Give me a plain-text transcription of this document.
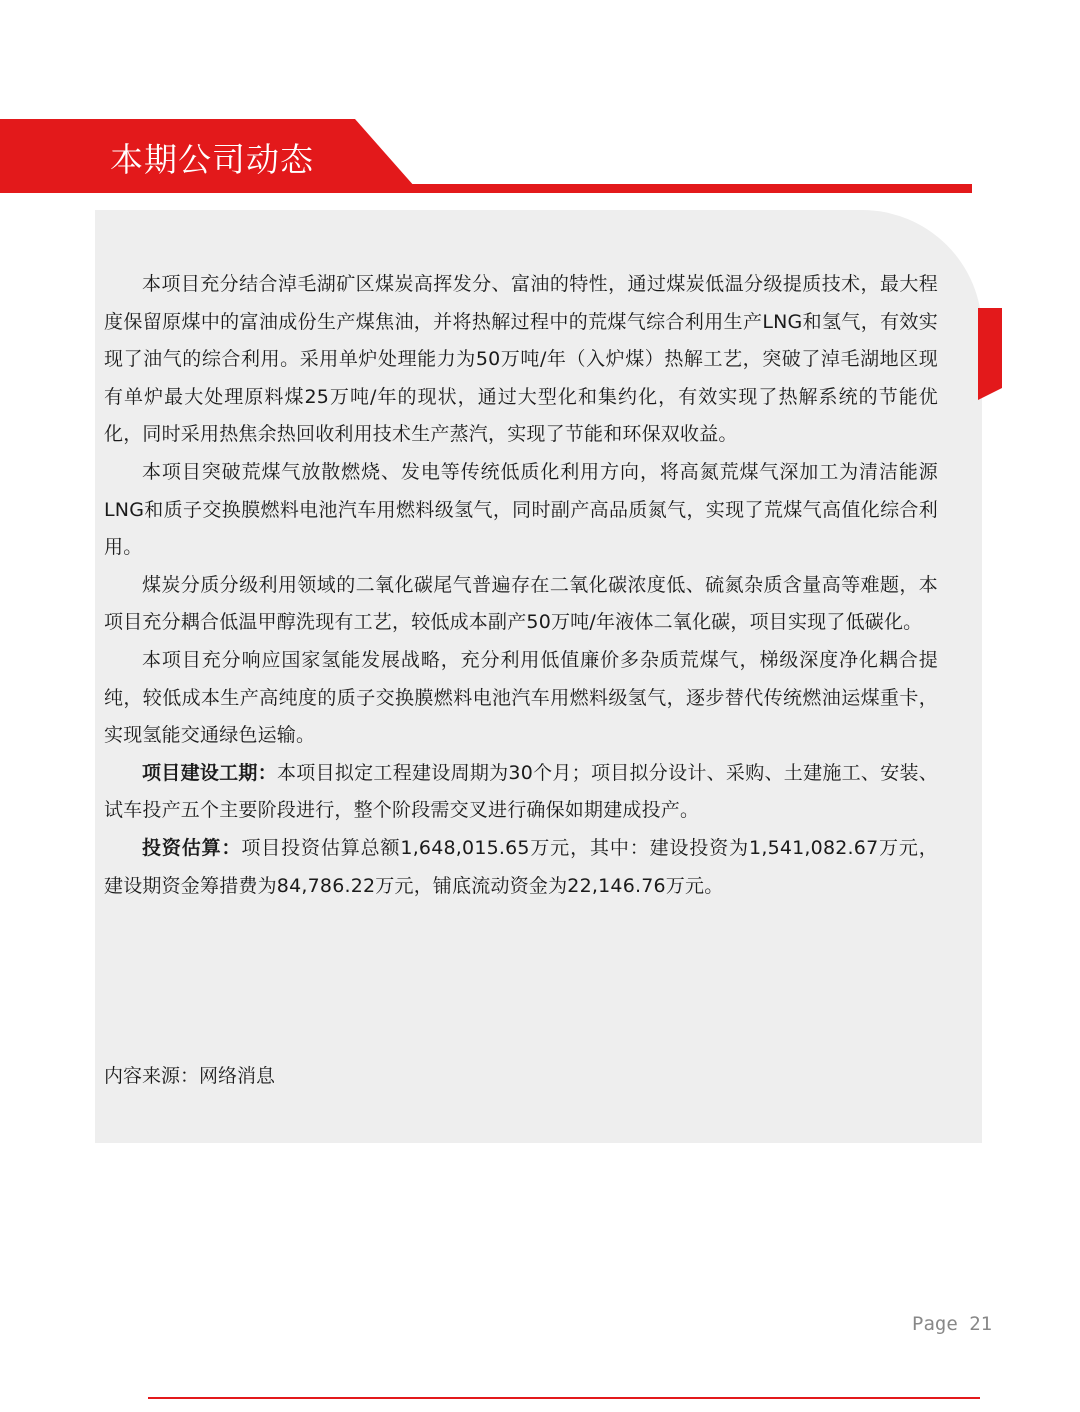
本期公司动态

本项目充分结合淖毛湖矿区煤炭高挥发分、富油的特性，通过煤炭低温分级提质技术，最大程度保留原煤中的富油成份生产煤焦油，并将热解过程中的荒煤气综合利用生产LNG和氢气，有效实现了油气的综合利用。采用单炉处理能力为50万吨/年（入炉煤）热解工艺，突破了淖毛湖地区现有单炉最大处理原料煤25万吨/年的现状，通过大型化和集约化，有效实现了热解系统的节能优化，同时采用热焦余热回收利用技术生产蒸汽，实现了节能和环保双收益。

本项目突破荒煤气放散燃烧、发电等传统低质化利用方向，将高氮荒煤气深加工为清洁能源LNG和质子交换膜燃料电池汽车用燃料级氢气，同时副产高品质氮气，实现了荒煤气高值化综合利用。

煤炭分质分级利用领域的二氧化碳尾气普遍存在二氧化碳浓度低、硫氮杂质含量高等难题，本项目充分耦合低温甲醇洗现有工艺，较低成本副产50万吨/年液体二氧化碳，项目实现了低碳化。

本项目充分响应国家氢能发展战略，充分利用低值廉价多杂质荒煤气，梯级深度净化耦合提纯，较低成本生产高纯度的质子交换膜燃料电池汽车用燃料级氢气，逐步替代传统燃油运煤重卡，实现氢能交通绿色运输。

项目建设工期：本项目拟定工程建设周期为30个月；项目拟分设计、采购、土建施工、安装、试车投产五个主要阶段进行，整个阶段需交叉进行确保如期建成投产。

投资估算：项目投资估算总额1,648,015.65万元，其中：建设投资为1,541,082.67万元，建设期资金筹措费为84,786.22万元，铺底流动资金为22,146.76万元。

内容来源：网络消息
Page 21
